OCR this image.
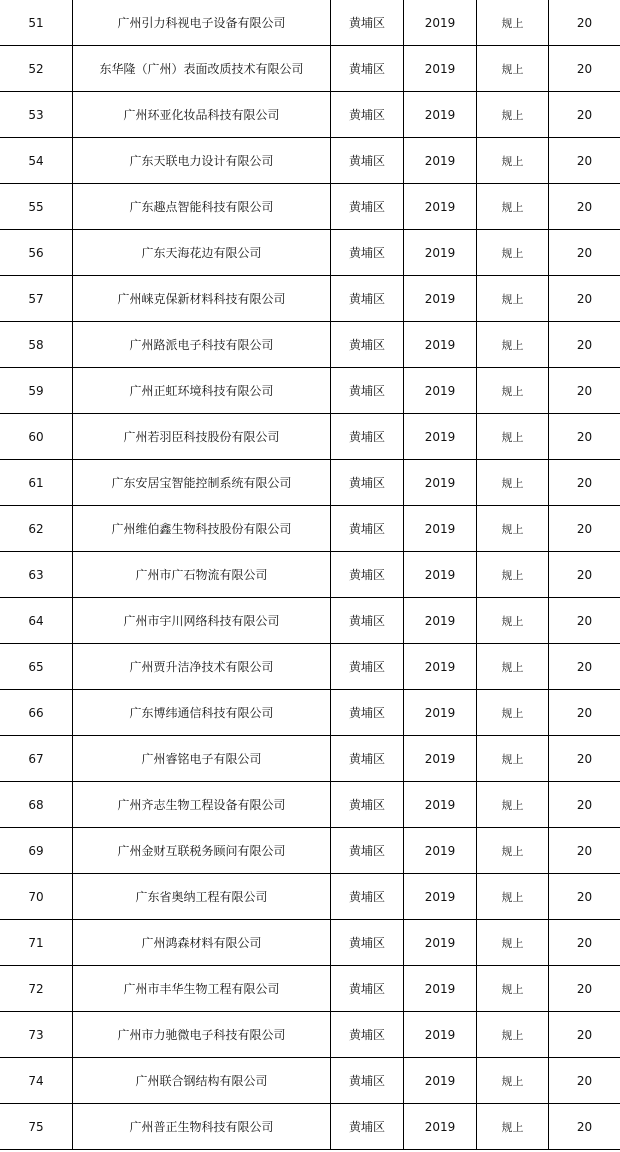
51	广州引力科视电子设备有限公司	黄埔区	2019	规上	20
52	东华隆（广州）表面改质技术有限公司	黄埔区	2019	规上	20
53	广州环亚化妆品科技有限公司	黄埔区	2019	规上	20
54	广东天联电力设计有限公司	黄埔区	2019	规上	20
55	广东趣点智能科技有限公司	黄埔区	2019	规上	20
56	广东天海花边有限公司	黄埔区	2019	规上	20
57	广州崃克保新材料科技有限公司	黄埔区	2019	规上	20
58	广州路派电子科技有限公司	黄埔区	2019	规上	20
59	广州正虹环境科技有限公司	黄埔区	2019	规上	20
60	广州若羽臣科技股份有限公司	黄埔区	2019	规上	20
61	广东安居宝智能控制系统有限公司	黄埔区	2019	规上	20
62	广州维伯鑫生物科技股份有限公司	黄埔区	2019	规上	20
63	广州市广石物流有限公司	黄埔区	2019	规上	20
64	广州市宇川网络科技有限公司	黄埔区	2019	规上	20
65	广州贾升洁净技术有限公司	黄埔区	2019	规上	20
66	广东博纬通信科技有限公司	黄埔区	2019	规上	20
67	广州睿铭电子有限公司	黄埔区	2019	规上	20
68	广州齐志生物工程设备有限公司	黄埔区	2019	规上	20
69	广州金财互联税务顾问有限公司	黄埔区	2019	规上	20
70	广东省奥纳工程有限公司	黄埔区	2019	规上	20
71	广州鸿森材料有限公司	黄埔区	2019	规上	20
72	广州市丰华生物工程有限公司	黄埔区	2019	规上	20
73	广州市力驰微电子科技有限公司	黄埔区	2019	规上	20
74	广州联合钢结构有限公司	黄埔区	2019	规上	20
75	广州普正生物科技有限公司	黄埔区	2019	规上	20
